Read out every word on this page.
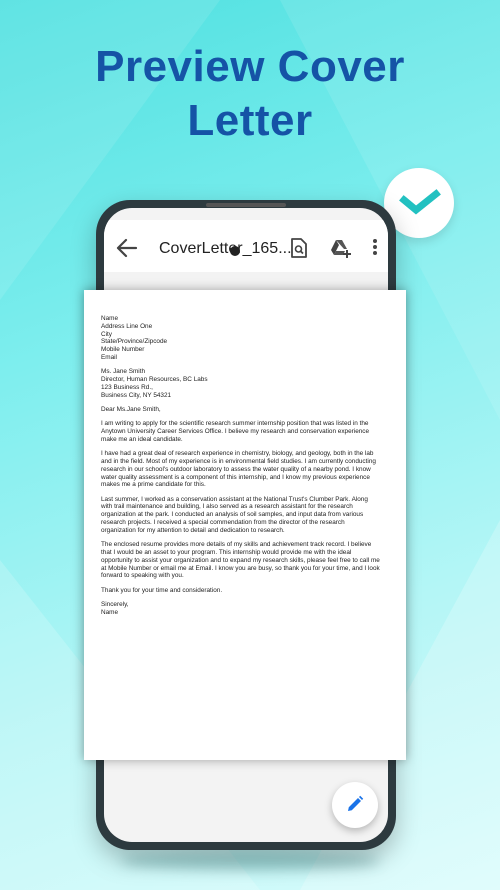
Preview Cover
Letter
CoverLetter_165...

Name
Address Line One
City
State/Province/Zipcode
Mobile Number
Email

Ms. Jane Smith
Director, Human Resources, BC Labs
123 Business Rd.,
Business City, NY 54321

Dear Ms.Jane Smith,

I am writing to apply for the scientific research summer internship position that was listed in the
Anytown University Career Services Office. I believe my research and conservation experience
make me an ideal candidate.

I have had a great deal of research experience in chemistry, biology, and geology, both in the lab
and in the field. Most of my experience is in environmental field studies. I am currently conducting
research in our school's outdoor laboratory to assess the water quality of a nearby pond. I know
water quality assessment is a component of this internship, and I know my previous experience
makes me a prime candidate for this.

Last summer, I worked as a conservation assistant at the National Trust's Clumber Park. Along
with trail maintenance and building, I also served as a research assistant for the research
organization at the park. I conducted an analysis of soil samples, and input data from various
research projects. I received a special commendation from the director of the research
organization for my attention to detail and dedication to research.

The enclosed resume provides more details of my skills and achievement track record. I believe
that I would be an asset to your program. This internship would provide me with the ideal
opportunity to assist your organization and to expand my research skills, please feel free to call me
at Mobile Number or email me at Email. I know you are busy, so thank you for your time, and I look
forward to speaking with you.

Thank you for your time and consideration.

Sincerely,
Name
